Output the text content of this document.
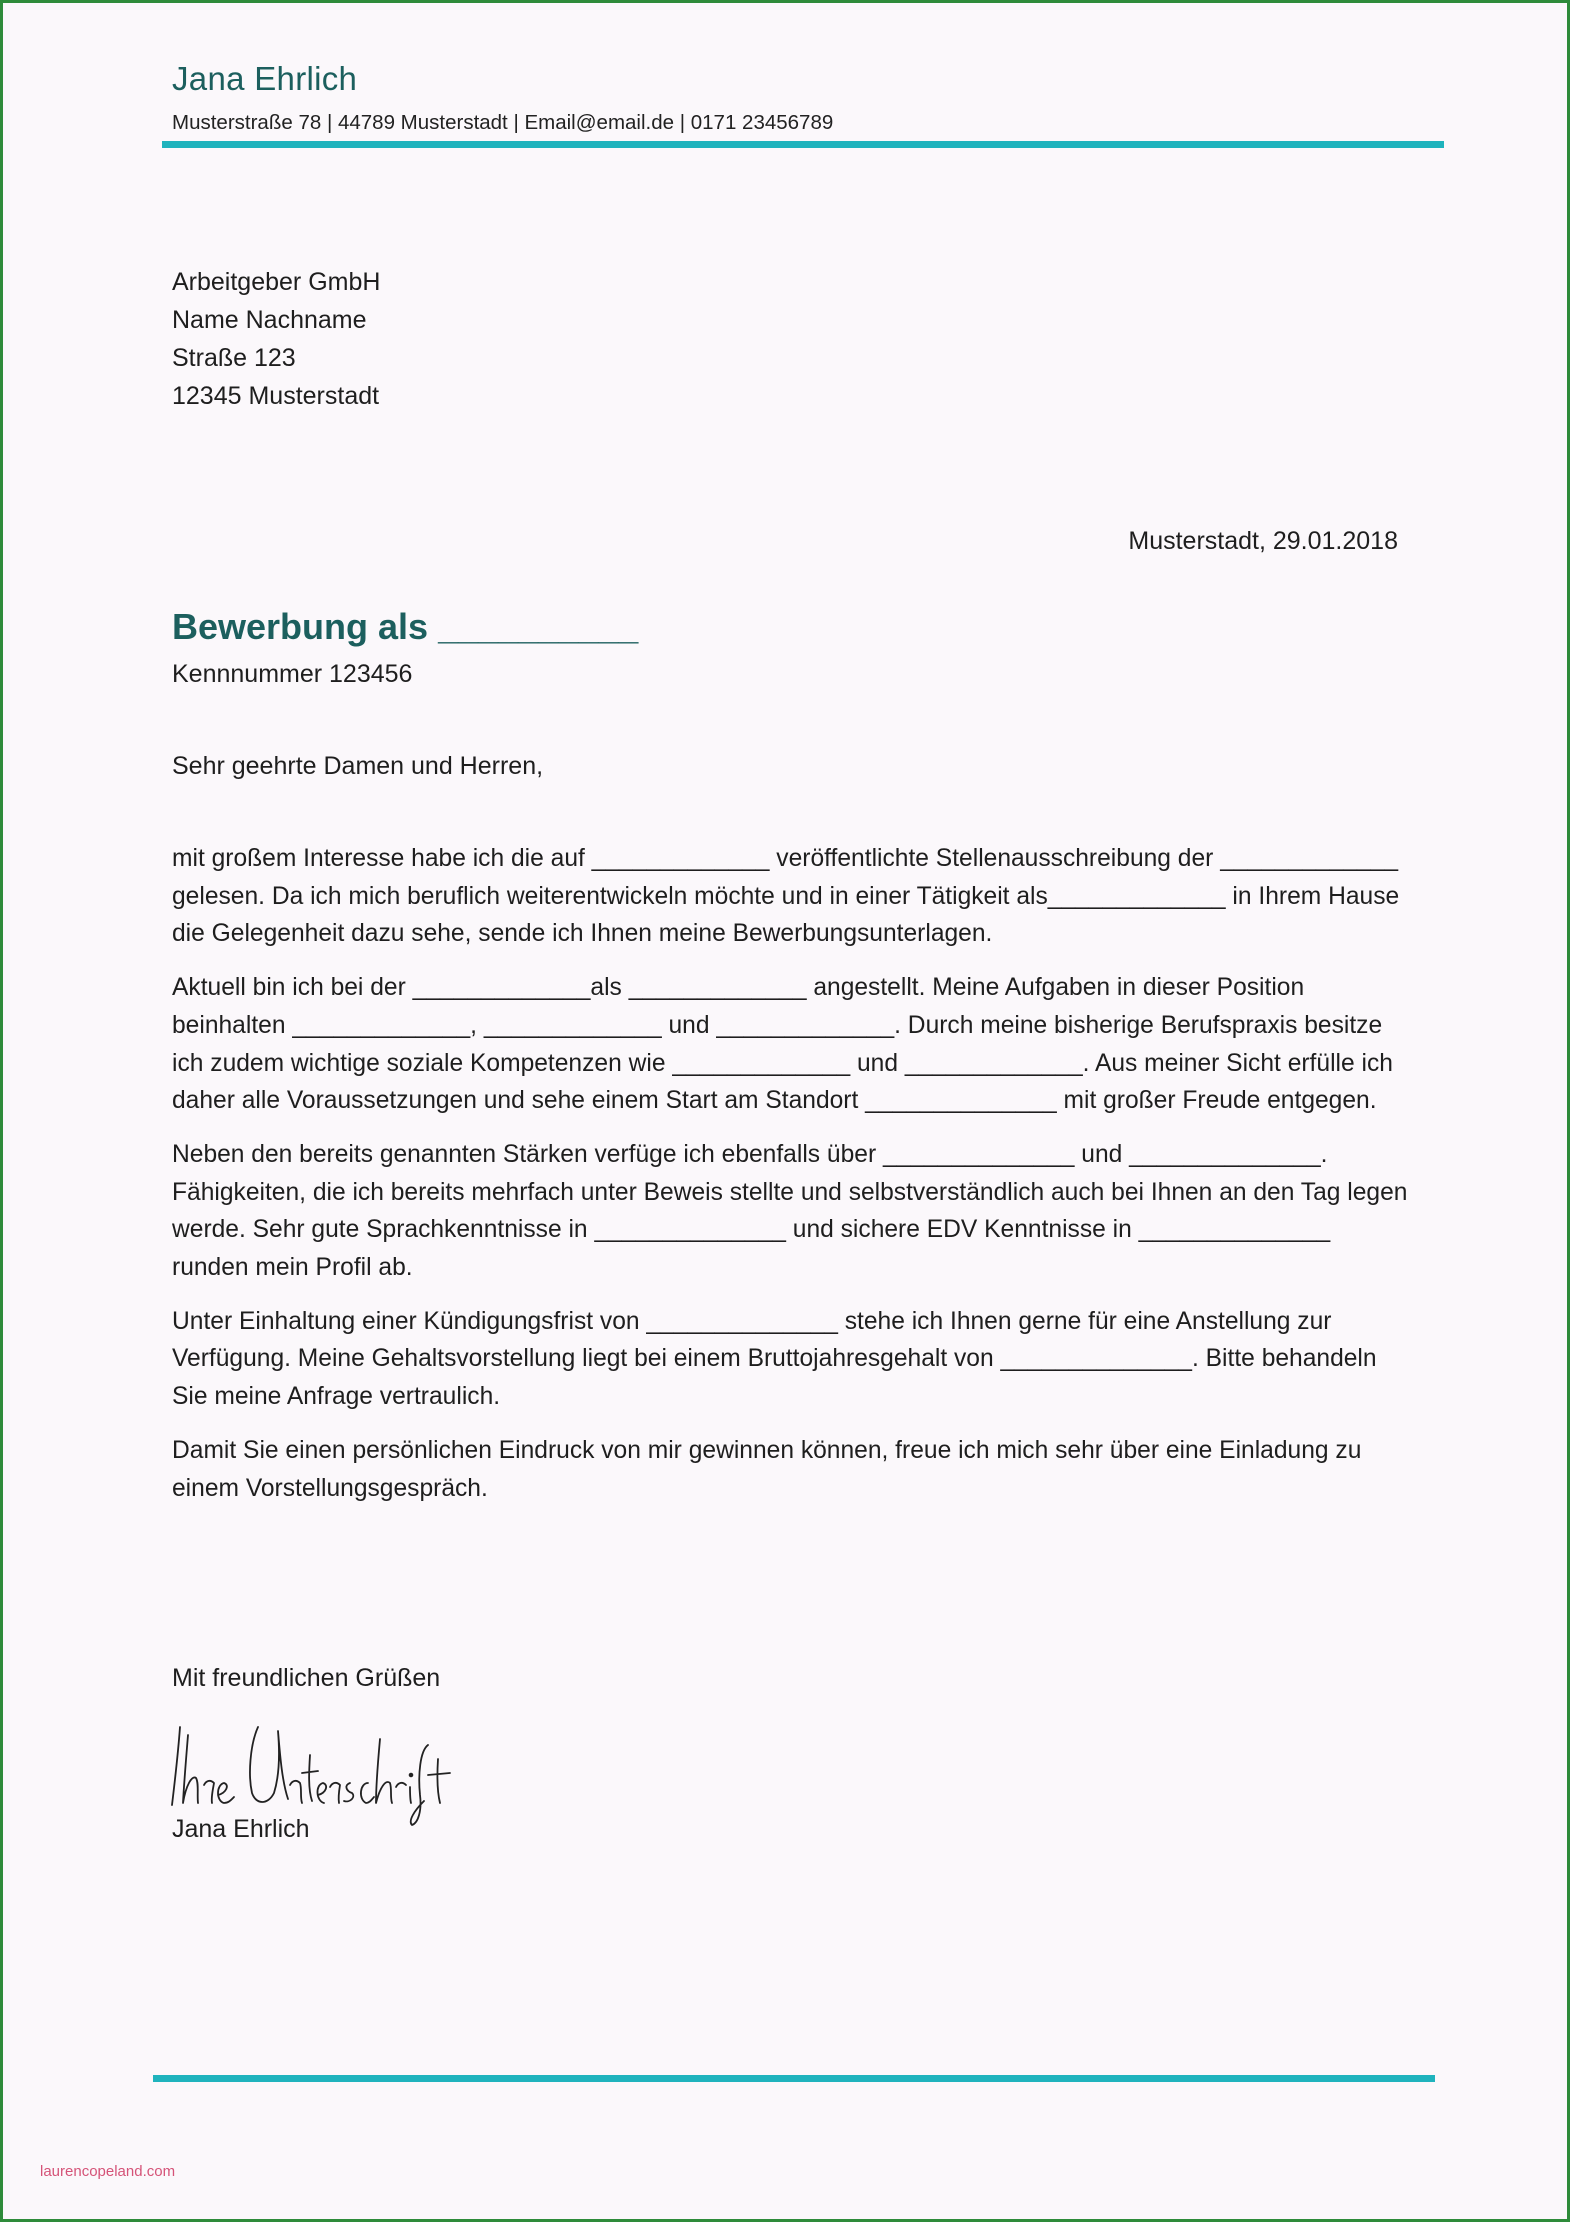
Jana Ehrlich
Musterstraße 78 | 44789 Musterstadt | Email@email.de | 0171 23456789
Arbeitgeber GmbH
Name Nachname
Straße 123
12345 Musterstadt
Musterstadt, 29.01.2018
Bewerbung als __________
Kennnummer 123456
Sehr geehrte Damen und Herren,

mit großem Interesse habe ich die auf _____________ veröffentlichte Stellenausschreibung der _____________ gelesen. Da ich mich beruflich weiterentwickeln möchte und in einer Tätigkeit als_____________ in Ihrem Hause die Gelegenheit dazu sehe, sende ich Ihnen meine Bewerbungsunterlagen.

Aktuell bin ich bei der _____________als _____________ angestellt. Meine Aufgaben in dieser Position beinhalten _____________, _____________ und _____________. Durch meine bisherige Berufspraxis besitze ich zudem wichtige soziale Kompetenzen wie _____________ und _____________. Aus meiner Sicht erfülle ich daher alle Voraussetzungen und sehe einem Start am Standort ______________ mit großer Freude entgegen.

Neben den bereits genannten Stärken verfüge ich ebenfalls über ______________ und ______________. Fähigkeiten, die ich bereits mehrfach unter Beweis stellte und selbstverständlich auch bei Ihnen an den Tag legen werde. Sehr gute Sprachkenntnisse in ______________ und sichere EDV Kenntnisse in ______________ runden mein Profil ab.

Unter Einhaltung einer Kündigungsfrist von ______________ stehe ich Ihnen gerne für eine Anstellung zur Verfügung. Meine Gehaltsvorstellung liegt bei einem Bruttojahresgehalt von ______________. Bitte behandeln Sie meine Anfrage vertraulich.

Damit Sie einen persönlichen Eindruck von mir gewinnen können, freue ich mich sehr über eine Einladung zu einem Vorstellungsgespräch.

Mit freundlichen Grüßen
Jana Ehrlich
laurencopeland.com
